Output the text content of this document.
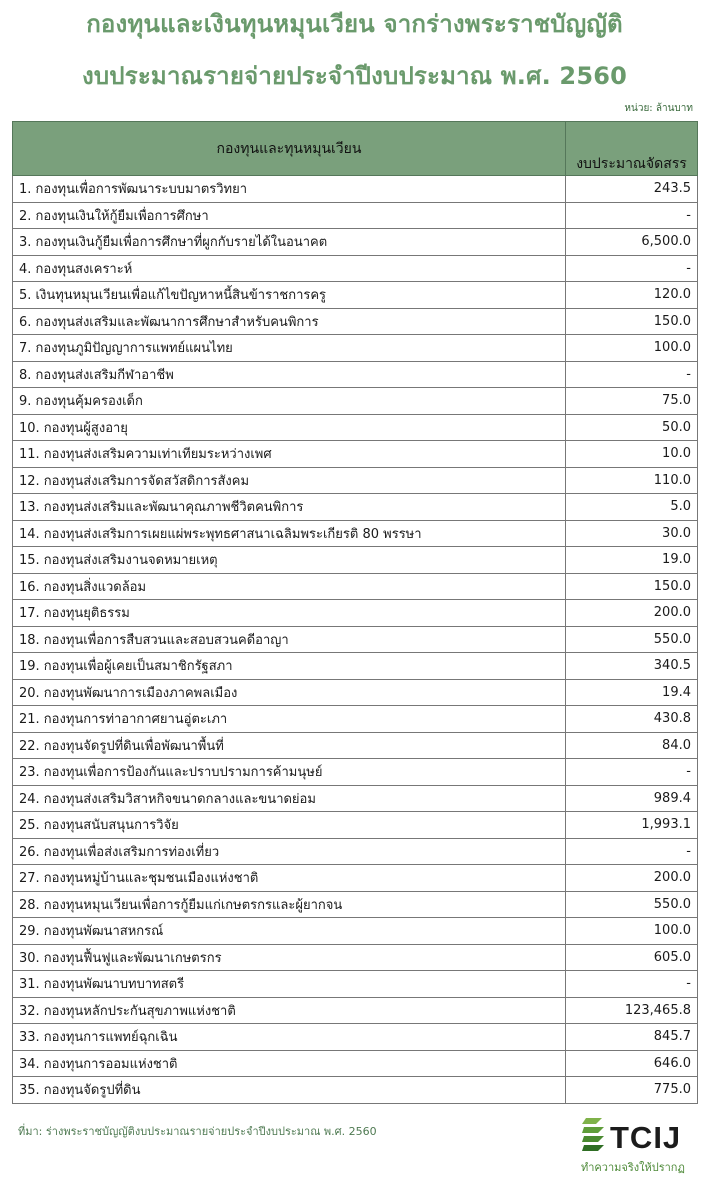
กองทุนและเงินทุนหมุนเวียน จากร่างพระราชบัญญัติ
งบประมาณรายจ่ายประจำปีงบประมาณ พ.ศ. 2560
หน่วย: ล้านบาท
กองทุนและทุนหมุนเวียน	งบประมาณจัดสรร
1. กองทุนเพื่อการพัฒนาระบบมาตรวิทยา	243.5
2. กองทุนเงินให้กู้ยืมเพื่อการศึกษา	-
3. กองทุนเงินกู้ยืมเพื่อการศึกษาที่ผูกกับรายได้ในอนาคต	6,500.0
4. กองทุนสงเคราะห์	-
5. เงินทุนหมุนเวียนเพื่อแก้ไขปัญหาหนี้สินข้าราชการครู	120.0
6. กองทุนส่งเสริมและพัฒนาการศึกษาสำหรับคนพิการ	150.0
7. กองทุนภูมิปัญญาการแพทย์แผนไทย	100.0
8. กองทุนส่งเสริมกีฬาอาชีพ	-
9. กองทุนคุ้มครองเด็ก	75.0
10. กองทุนผู้สูงอายุ	50.0
11. กองทุนส่งเสริมความเท่าเทียมระหว่างเพศ	10.0
12. กองทุนส่งเสริมการจัดสวัสดิการสังคม	110.0
13. กองทุนส่งเสริมและพัฒนาคุณภาพชีวิตคนพิการ	5.0
14. กองทุนส่งเสริมการเผยแผ่พระพุทธศาสนาเฉลิมพระเกียรติ 80 พรรษา	30.0
15. กองทุนส่งเสริมงานจดหมายเหตุ	19.0
16. กองทุนสิ่งแวดล้อม	150.0
17. กองทุนยุติธรรม	200.0
18. กองทุนเพื่อการสืบสวนและสอบสวนคดีอาญา	550.0
19. กองทุนเพื่อผู้เคยเป็นสมาชิกรัฐสภา	340.5
20. กองทุนพัฒนาการเมืองภาคพลเมือง	19.4
21. กองทุนการท่าอากาศยานอู่ตะเภา	430.8
22. กองทุนจัดรูปที่ดินเพื่อพัฒนาพื้นที่	84.0
23. กองทุนเพื่อการป้องกันและปราบปรามการค้ามนุษย์	-
24. กองทุนส่งเสริมวิสาหกิจขนาดกลางและขนาดย่อม	989.4
25. กองทุนสนับสนุนการวิจัย	1,993.1
26. กองทุนเพื่อส่งเสริมการท่องเที่ยว	-
27. กองทุนหมู่บ้านและชุมชนเมืองแห่งชาติ	200.0
28. กองทุนหมุนเวียนเพื่อการกู้ยืมแก่เกษตรกรและผู้ยากจน	550.0
29. กองทุนพัฒนาสหกรณ์	100.0
30. กองทุนฟื้นฟูและพัฒนาเกษตรกร	605.0
31. กองทุนพัฒนาบทบาทสตรี	-
32. กองทุนหลักประกันสุขภาพแห่งชาติ	123,465.8
33. กองทุนการแพทย์ฉุกเฉิน	845.7
34. กองทุนการออมแห่งชาติ	646.0
35. กองทุนจัดรูปที่ดิน	775.0
ที่มา: ร่างพระราชบัญญัติงบประมาณรายจ่ายประจำปีงบประมาณ พ.ศ. 2560	TCIJ
ทำความจริงให้ปรากฏ
